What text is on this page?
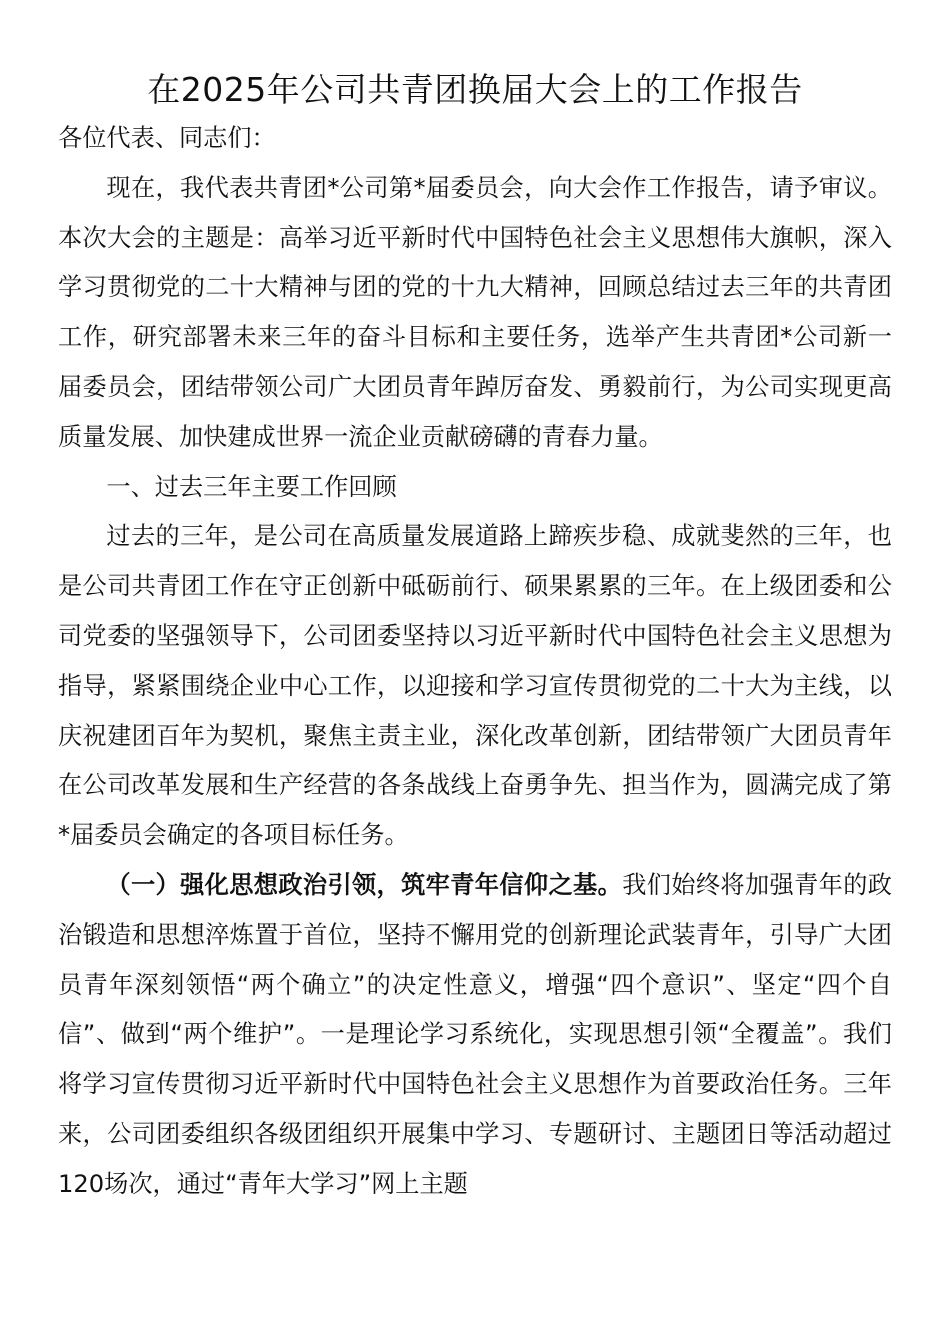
在2025年公司共青团换届大会上的工作报告

各位代表、同志们：

现在，我代表共青团*公司第*届委员会，向大会作工作报告，请予审议。本次大会的主题是：高举习近平新时代中国特色社会主义思想伟大旗帜，深入学习贯彻党的二十大精神与团的党的十九大精神，回顾总结过去三年的共青团工作，研究部署未来三年的奋斗目标和主要任务，选举产生共青团*公司新一届委员会，团结带领公司广大团员青年踔厉奋发、勇毅前行，为公司实现更高质量发展、加快建成世界一流企业贡献磅礴的青春力量。

一、过去三年主要工作回顾

过去的三年，是公司在高质量发展道路上蹄疾步稳、成就斐然的三年，也是公司共青团工作在守正创新中砥砺前行、硕果累累的三年。在上级团委和公司党委的坚强领导下，公司团委坚持以习近平新时代中国特色社会主义思想为指导，紧紧围绕企业中心工作，以迎接和学习宣传贯彻党的二十大为主线，以庆祝建团百年为契机，聚焦主责主业，深化改革创新，团结带领广大团员青年在公司改革发展和生产经营的各条战线上奋勇争先、担当作为，圆满完成了第*届委员会确定的各项目标任务。

（一）强化思想政治引领，筑牢青年信仰之基。我们始终将加强青年的政治锻造和思想淬炼置于首位，坚持不懈用党的创新理论武装青年，引导广大团员青年深刻领悟“两个确立”的决定性意义，增强“四个意识”、坚定“四个自信”、做到“两个维护”。一是理论学习系统化，实现思想引领“全覆盖”。我们将学习宣传贯彻习近平新时代中国特色社会主义思想作为首要政治任务。三年来，公司团委组织各级团组织开展集中学习、专题研讨、主题团日等活动超过120场次，通过“青年大学习”网上主题
